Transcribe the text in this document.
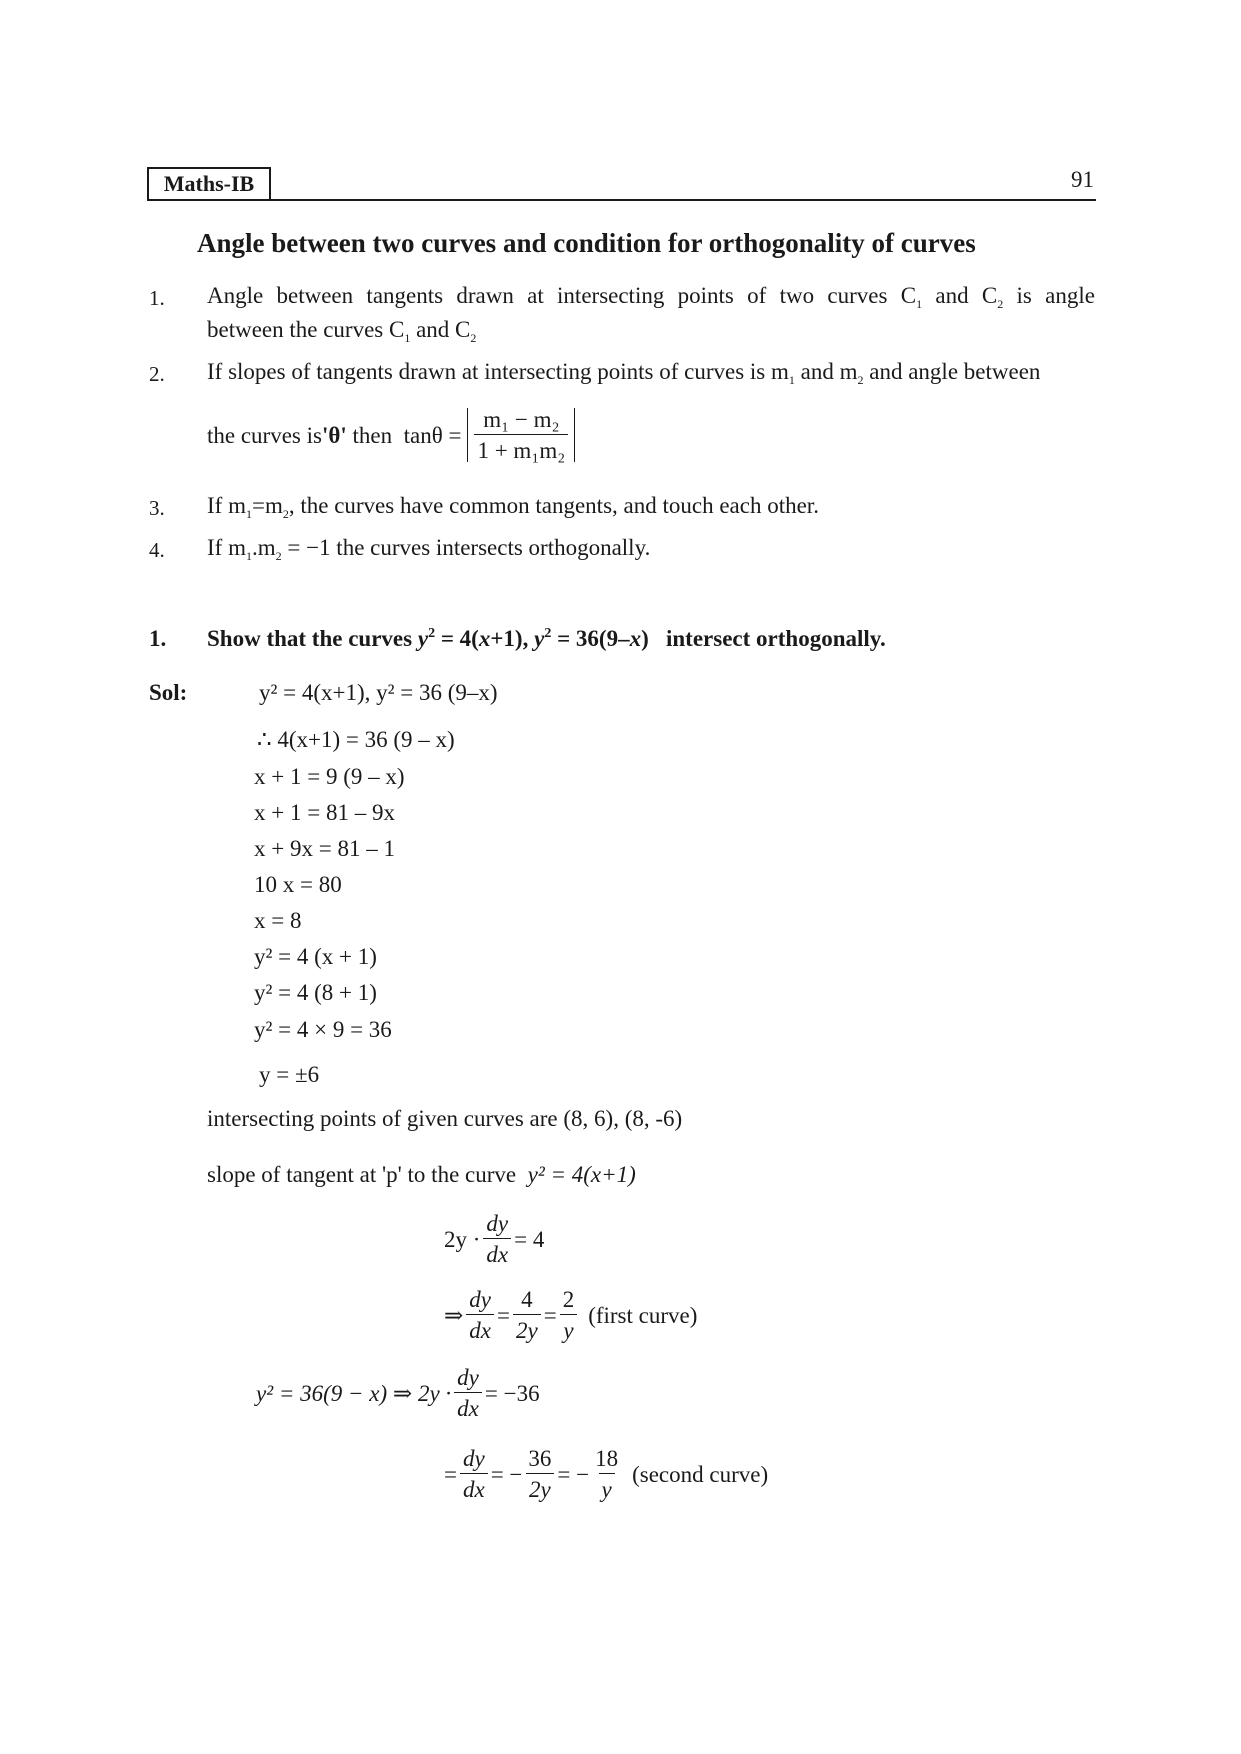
Maths-IB	91
Angle between two curves and condition for orthogonality of curves
1. Angle between tangents drawn at intersecting points of two curves $C_1$ and $C_2$ is angle
between the curves $C_1$ and $C_2$
2. If slopes of tangents drawn at intersecting points of curves is $m_1$ and $m_2$ and angle between
the curves is 'θ' then  $\tan\theta = \frac{\text{m₁ − m₂}}{\text{1 + m₁m₂}}$
3. If $m_1=m_2$, the curves have common tangents, and touch each other.
4. If $m_1.m_2 = -1$ the curves intersects orthogonally.
1. Show that the curves $y^2 = 4(x+1)$, $y^2 = 36(9-x)$ intersect orthogonally.
Sol:	y² = 4(x+1), y² = 36 (9–x)
∴ 4(x+1) = 36 (9 – x)
x + 1 = 9 (9 – x)
x + 1 = 81 – 9x
x + 9x = 81 – 1
10 x = 80
x = 8
y² = 4 (x + 1)
y² = 4 (8 + 1)
y² = 4 × 9 = 36
y = ±6
intersecting points of given curves are (8, 6), (8, -6)
slope of tangent at 'p' to the curve y² = 4(x+1)
$2y \cdot \frac{dy}{dx} = 4$
⇒ $\frac{dy}{dx} = \frac{4}{2y} = \frac{2}{y}$ (first curve)
y² = 36(9 − x) ⇒ $2y \cdot \frac{dy}{dx} = -36$
= $\frac{dy}{dx}$ = − $\frac{36}{2y}$ = − $\frac{18}{y}$ (second curve)
